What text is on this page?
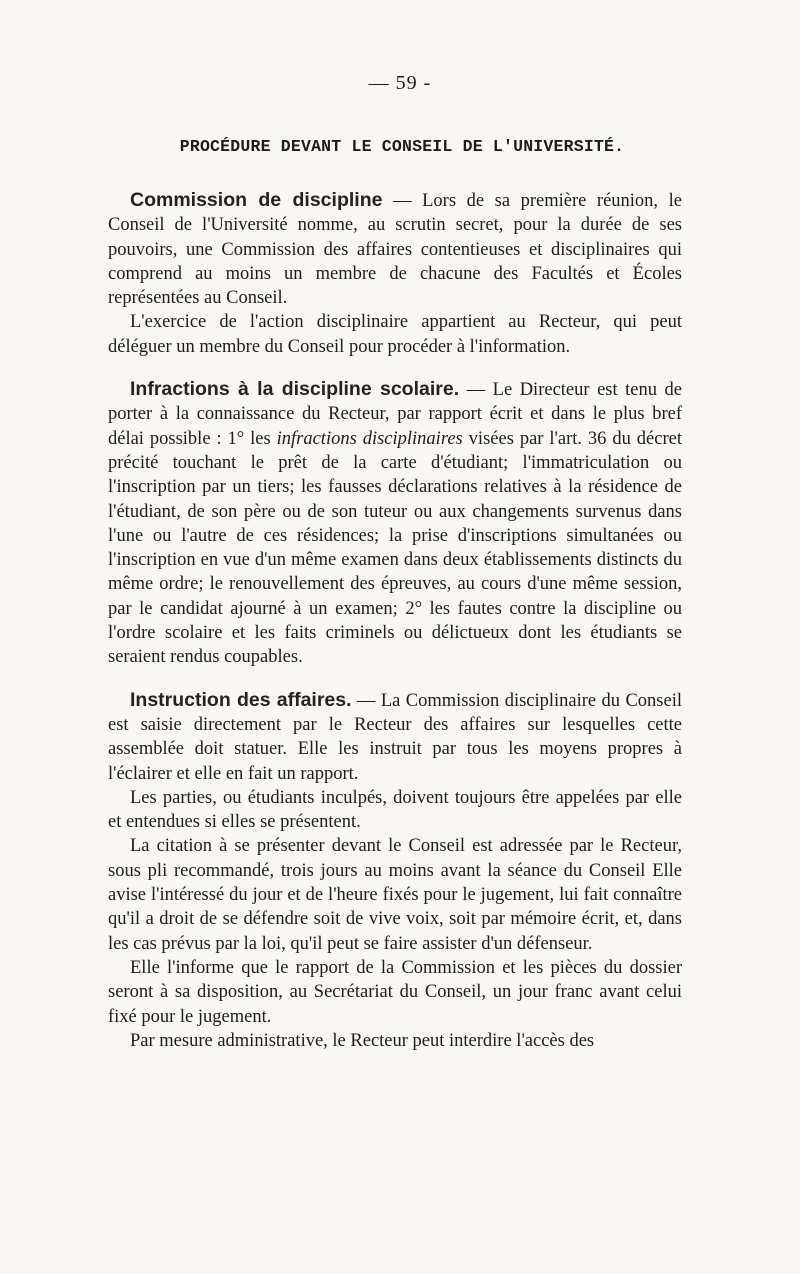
— 59 -
PROCÉDURE DEVANT LE CONSEIL DE L'UNIVERSITÉ.

Commission de discipline — Lors de sa première réunion, le Conseil de l'Université nomme, au scrutin secret, pour la durée de ses pouvoirs, une Commission des affaires contentieuses et disciplinaires qui comprend au moins un membre de chacune des Facultés et Écoles représentées au Conseil.

L'exercice de l'action disciplinaire appartient au Recteur, qui peut déléguer un membre du Conseil pour procéder à l'information.

Infractions à la discipline scolaire. — Le Directeur est tenu de porter à la connaissance du Recteur, par rapport écrit et dans le plus bref délai possible : 1° les infractions disciplinaires visées par l'art. 36 du décret précité touchant le prêt de la carte d'étudiant; l'immatriculation ou l'inscription par un tiers; les fausses déclarations relatives à la résidence de l'étudiant, de son père ou de son tuteur ou aux changements survenus dans l'une ou l'autre de ces résidences; la prise d'inscriptions simultanées ou l'inscription en vue d'un même examen dans deux établissements distincts du même ordre; le renouvellement des épreuves, au cours d'une même session, par le candidat ajourné à un examen; 2° les fautes contre la discipline ou l'ordre scolaire et les faits criminels ou délictueux dont les étudiants se seraient rendus coupables.

Instruction des affaires. — La Commission disciplinaire du Conseil est saisie directement par le Recteur des affaires sur lesquelles cette assemblée doit statuer. Elle les instruit par tous les moyens propres à l'éclairer et elle en fait un rapport.

Les parties, ou étudiants inculpés, doivent toujours être appelées par elle et entendues si elles se présentent.

La citation à se présenter devant le Conseil est adressée par le Recteur, sous pli recommandé, trois jours au moins avant la séance du Conseil Elle avise l'intéressé du jour et de l'heure fixés pour le jugement, lui fait connaître qu'il a droit de se défendre soit de vive voix, soit par mémoire écrit, et, dans les cas prévus par la loi, qu'il peut se faire assister d'un défenseur.

Elle l'informe que le rapport de la Commission et les pièces du dossier seront à sa disposition, au Secrétariat du Conseil, un jour franc avant celui fixé pour le jugement.

Par mesure administrative, le Recteur peut interdire l'accès des
